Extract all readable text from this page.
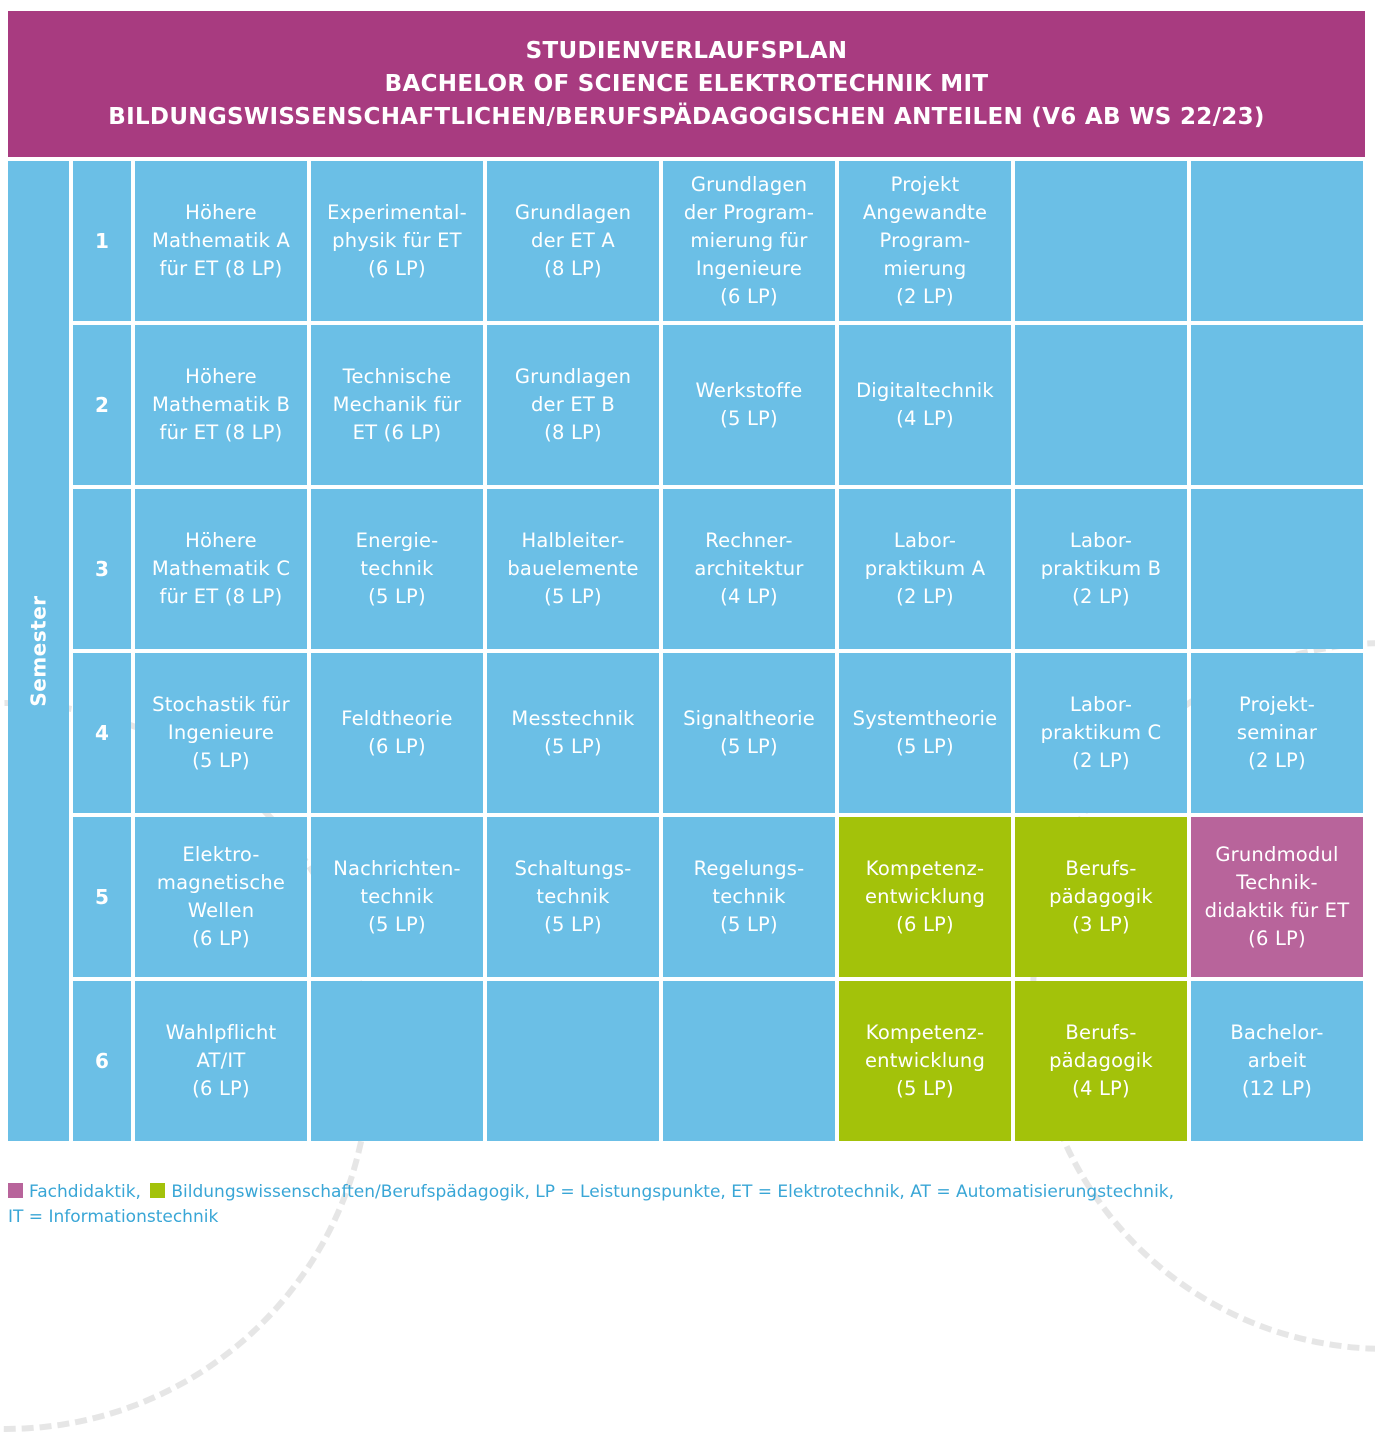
STUDIENVERLAUFSPLAN
BACHELOR OF SCIENCE ELEKTROTECHNIK MIT
BILDUNGSWISSENSCHAFTLICHEN/BERUFSPÄDAGOGISCHEN ANTEILEN (V6 AB WS 22/23)
Semester
1
Höhere
Mathematik A
für ET (8 LP)
Experimental-
physik für ET
(6 LP)
Grundlagen
der ET A
(8 LP)
Grundlagen
der Program-
mierung für
Ingenieure
(6 LP)
Projekt
Angewandte
Program-
mierung
(2 LP)
2
Höhere
Mathematik B
für ET (8 LP)
Technische
Mechanik für
ET (6 LP)
Grundlagen
der ET B
(8 LP)
Werkstoffe
(5 LP)
Digitaltechnik
(4 LP)
3
Höhere
Mathematik C
für ET (8 LP)
Energie-
technik
(5 LP)
Halbleiter-
bauelemente
(5 LP)
Rechner-
architektur
(4 LP)
Labor-
praktikum A
(2 LP)
Labor-
praktikum B
(2 LP)
4
Stochastik für
Ingenieure
(5 LP)
Feldtheorie
(6 LP)
Messtechnik
(5 LP)
Signaltheorie
(5 LP)
Systemtheorie
(5 LP)
Labor-
praktikum C
(2 LP)
Projekt-
seminar
(2 LP)
5
Elektro-
magnetische
Wellen
(6 LP)
Nachrichten-
technik
(5 LP)
Schaltungs-
technik
(5 LP)
Regelungs-
technik
(5 LP)
Kompetenz-
entwicklung
(6 LP)
Berufs-
pädagogik
(3 LP)
Grundmodul
Technik-
didaktik für ET
(6 LP)
6
Wahlpflicht
AT/IT
(6 LP)
Kompetenz-
entwicklung
(5 LP)
Berufs-
pädagogik
(4 LP)
Bachelor-
arbeit
(12 LP)
Fachdidaktik, Bildungswissenschaften/Berufspädagogik, LP = Leistungspunkte, ET = Elektrotechnik, AT = Automatisierungstechnik,
IT = Informationstechnik
